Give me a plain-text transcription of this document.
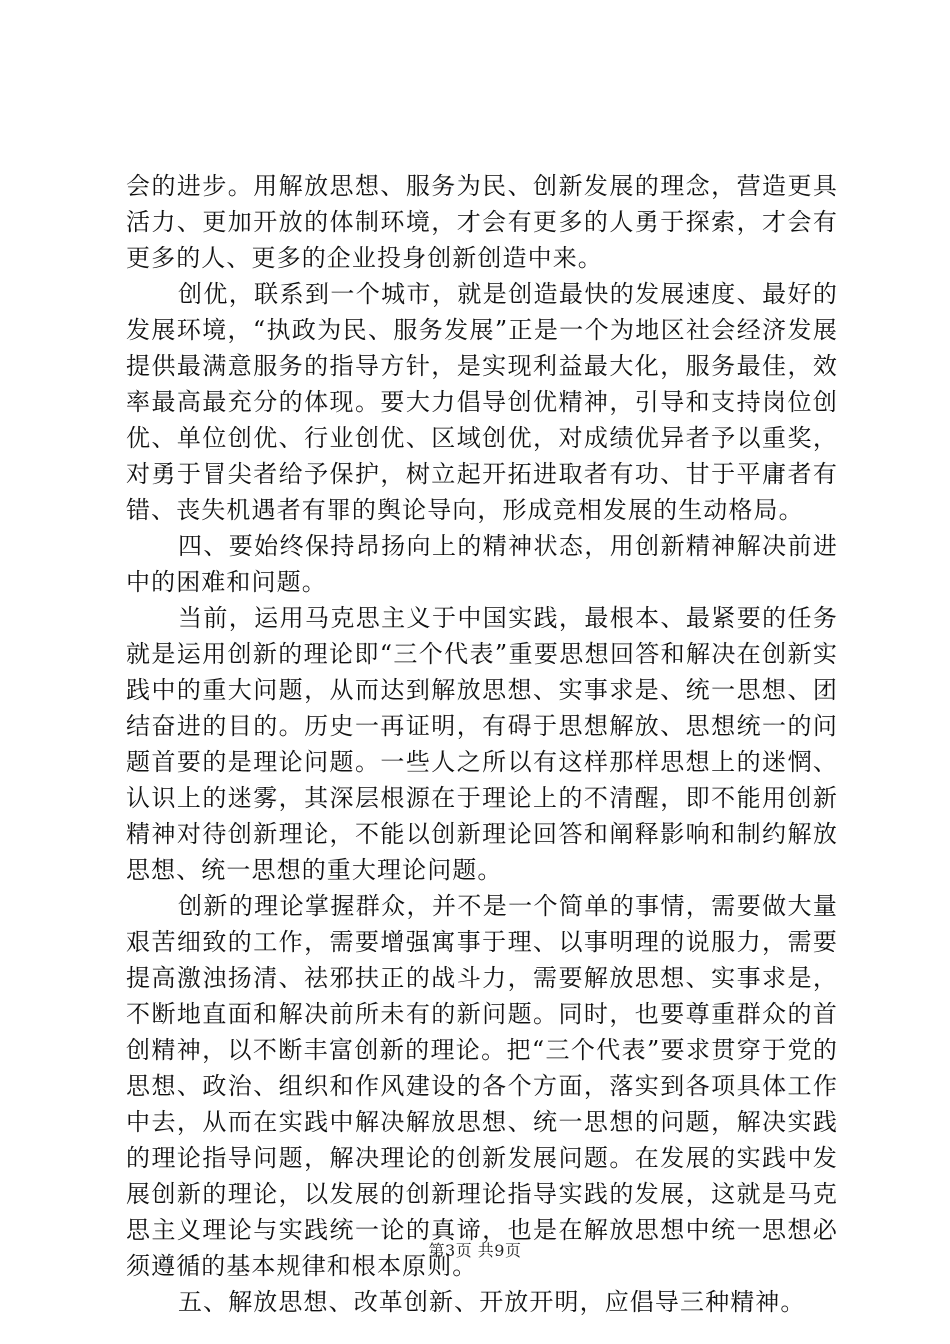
会的进步。用解放思想、服务为民、创新发展的理念，营造更具活力、更加开放的体制环境，才会有更多的人勇于探索，才会有更多的人、更多的企业投身创新创造中来。

创优，联系到一个城市，就是创造最快的发展速度、最好的发展环境，“执政为民、服务发展”正是一个为地区社会经济发展提供最满意服务的指导方针，是实现利益最大化，服务最佳，效率最高最充分的体现。要大力倡导创优精神，引导和支持岗位创优、单位创优、行业创优、区域创优，对成绩优异者予以重奖，对勇于冒尖者给予保护，树立起开拓进取者有功、甘于平庸者有错、丧失机遇者有罪的舆论导向，形成竞相发展的生动格局。

四、要始终保持昂扬向上的精神状态，用创新精神解决前进中的困难和问题。

当前，运用马克思主义于中国实践，最根本、最紧要的任务就是运用创新的理论即“三个代表”重要思想回答和解决在创新实践中的重大问题，从而达到解放思想、实事求是、统一思想、团结奋进的目的。历史一再证明，有碍于思想解放、思想统一的问题首要的是理论问题。一些人之所以有这样那样思想上的迷惘、认识上的迷雾，其深层根源在于理论上的不清醒，即不能用创新精神对待创新理论，不能以创新理论回答和阐释影响和制约解放思想、统一思想的重大理论问题。

创新的理论掌握群众，并不是一个简单的事情，需要做大量艰苦细致的工作，需要增强寓事于理、以事明理的说服力，需要提高激浊扬清、祛邪扶正的战斗力，需要解放思想、实事求是，不断地直面和解决前所未有的新问题。同时，也要尊重群众的首创精神，以不断丰富创新的理论。把“三个代表”要求贯穿于党的思想、政治、组织和作风建设的各个方面，落实到各项具体工作中去，从而在实践中解决解放思想、统一思想的问题，解决实践的理论指导问题，解决理论的创新发展问题。在发展的实践中发展创新的理论，以发展的创新理论指导实践的发展，这就是马克思主义理论与实践统一论的真谛，也是在解放思想中统一思想必须遵循的基本规律和根本原则。

五、解放思想、改革创新、开放开明，应倡导三种精神。

第3页 共9页
